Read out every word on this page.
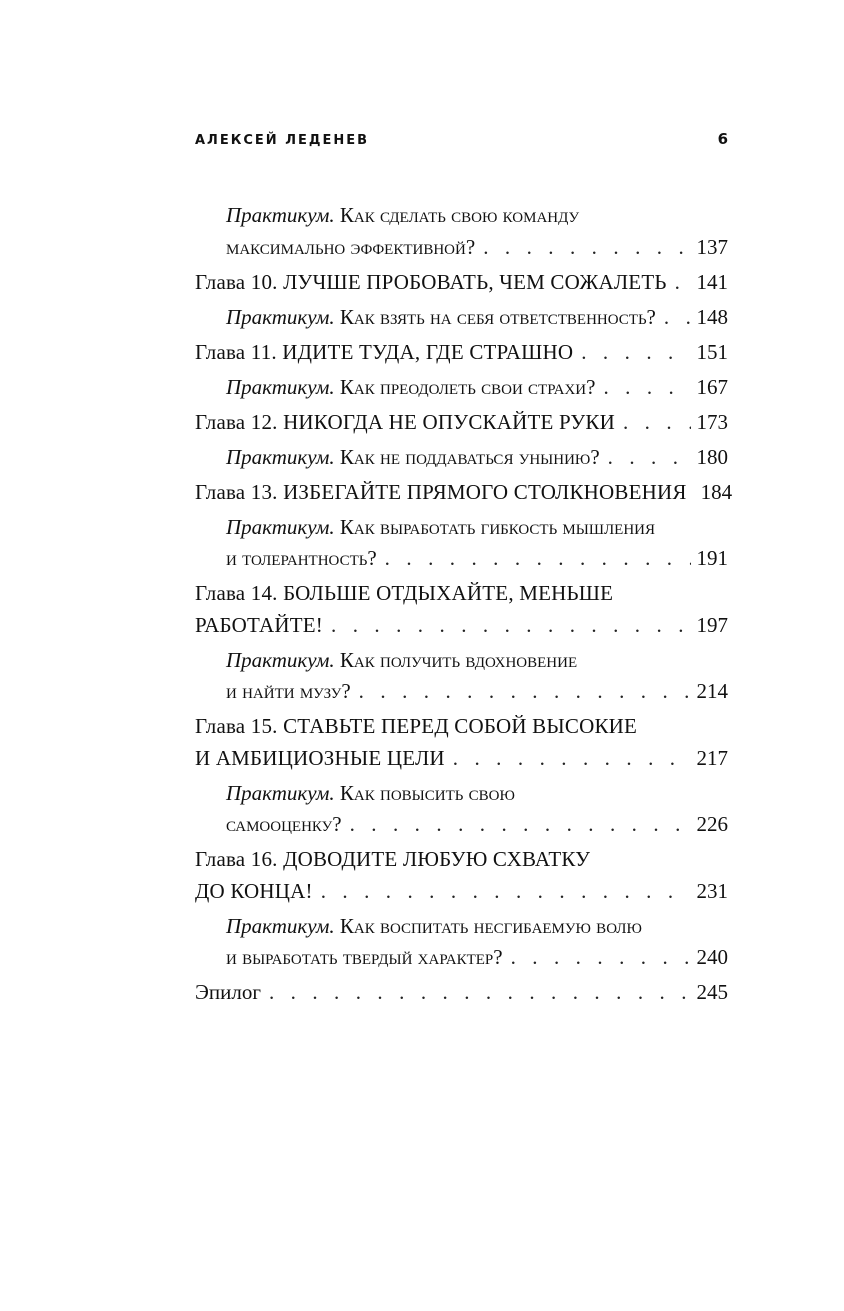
АЛЕКСЕЙ ЛЕДЕНЕВ	6
Практикум. Как сделать свою команду
максимально эффективной? . . .	137
Глава 10. ЛУЧШЕ ПРОБОВАТЬ, ЧЕМ СОЖАЛЕТЬ . . . 141
Практикум. Как взять на себя ответственность? . . . 148
Глава 11. ИДИТЕ ТУДА, ГДЕ СТРАШНО . . .	151
Практикум. Как преодолеть свои страхи? . . .	167
Глава 12. НИКОГДА НЕ ОПУСКАЙТЕ РУКИ . . .	173
Практикум. Как не поддаваться унынию? . . .	180
Глава 13. ИЗБЕГАЙТЕ ПРЯМОГО СТОЛКНОВЕНИЯ 184
Практикум. Как выработать гибкость мышления
и толерантность? . . .	191
Глава 14. БОЛЬШЕ ОТДЫХАЙТЕ, МЕНЬШЕ
РАБОТАЙТЕ! . . .	197
Практикум. Как получить вдохновение
и найти музу? . . .	214
Глава 15. СТАВЬТЕ ПЕРЕД СОБОЙ ВЫСОКИЕ
И АМБИЦИОЗНЫЕ ЦЕЛИ . . .	217
Практикум. Как повысить свою
самооценку? . . .	226
Глава 16. ДОВОДИТЕ ЛЮБУЮ СХВАТКУ
ДО КОНЦА! . . .	231
Практикум. Как воспитать несгибаемую волю
и выработать твердый характер? . . .	240
Эпилог . . .	245
